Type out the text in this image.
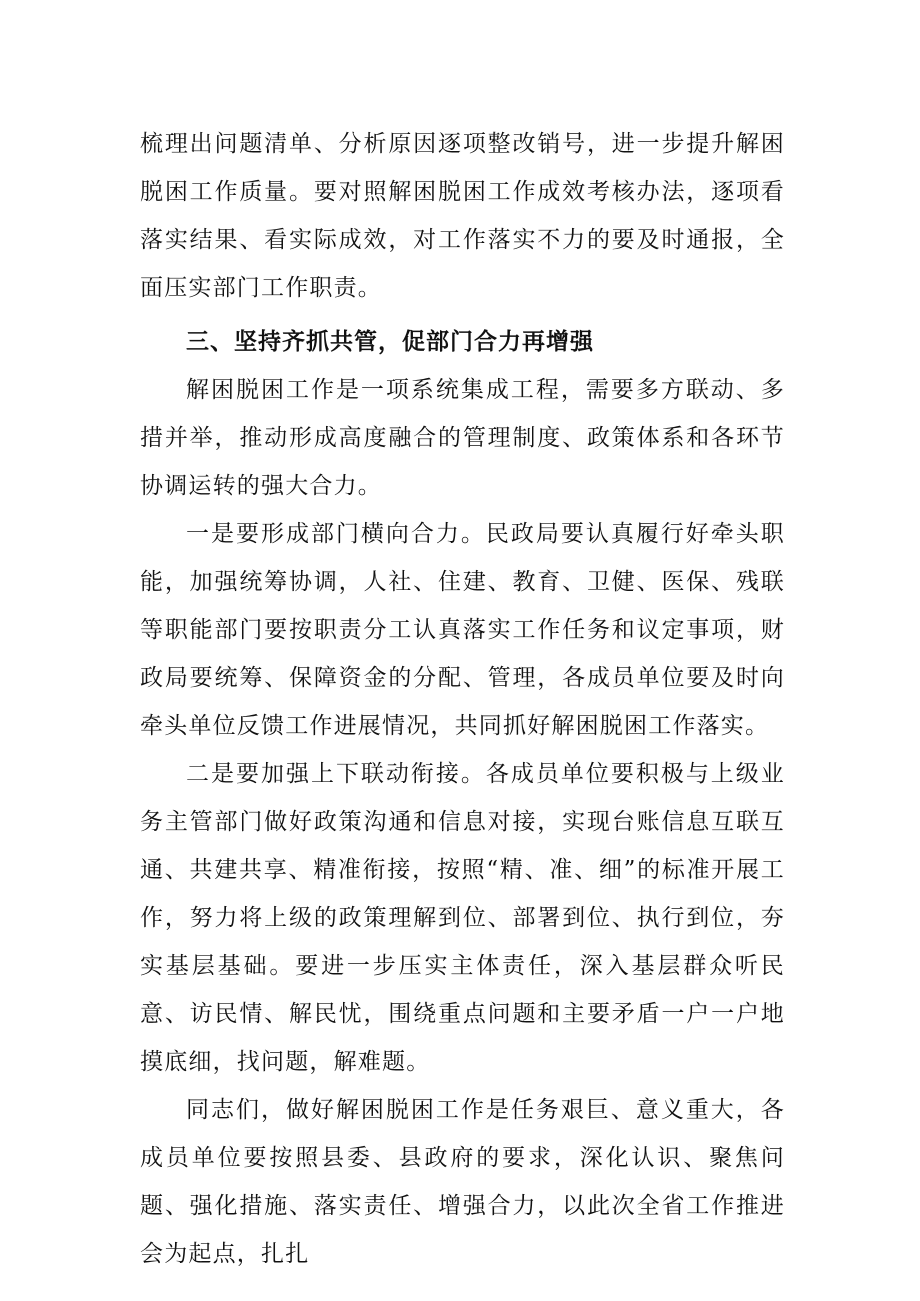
梳理出问题清单、分析原因逐项整改销号，进一步提升解困脱困工作质量。要对照解困脱困工作成效考核办法，逐项看落实结果、看实际成效，对工作落实不力的要及时通报，全面压实部门工作职责。

三、坚持齐抓共管，促部门合力再增强

解困脱困工作是一项系统集成工程，需要多方联动、多措并举，推动形成高度融合的管理制度、政策体系和各环节协调运转的强大合力。

一是要形成部门横向合力。民政局要认真履行好牵头职能，加强统筹协调，人社、住建、教育、卫健、医保、残联等职能部门要按职责分工认真落实工作任务和议定事项，财政局要统筹、保障资金的分配、管理，各成员单位要及时向牵头单位反馈工作进展情况，共同抓好解困脱困工作落实。

二是要加强上下联动衔接。各成员单位要积极与上级业务主管部门做好政策沟通和信息对接，实现台账信息互联互通、共建共享、精准衔接，按照“精、准、细”的标准开展工作，努力将上级的政策理解到位、部署到位、执行到位，夯实基层基础。要进一步压实主体责任，深入基层群众听民意、访民情、解民忧，围绕重点问题和主要矛盾一户一户地摸底细，找问题，解难题。

同志们，做好解困脱困工作是任务艰巨、意义重大，各成员单位要按照县委、县政府的要求，深化认识、聚焦问题、强化措施、落实责任、增强合力，以此次全省工作推进会为起点，扎扎
